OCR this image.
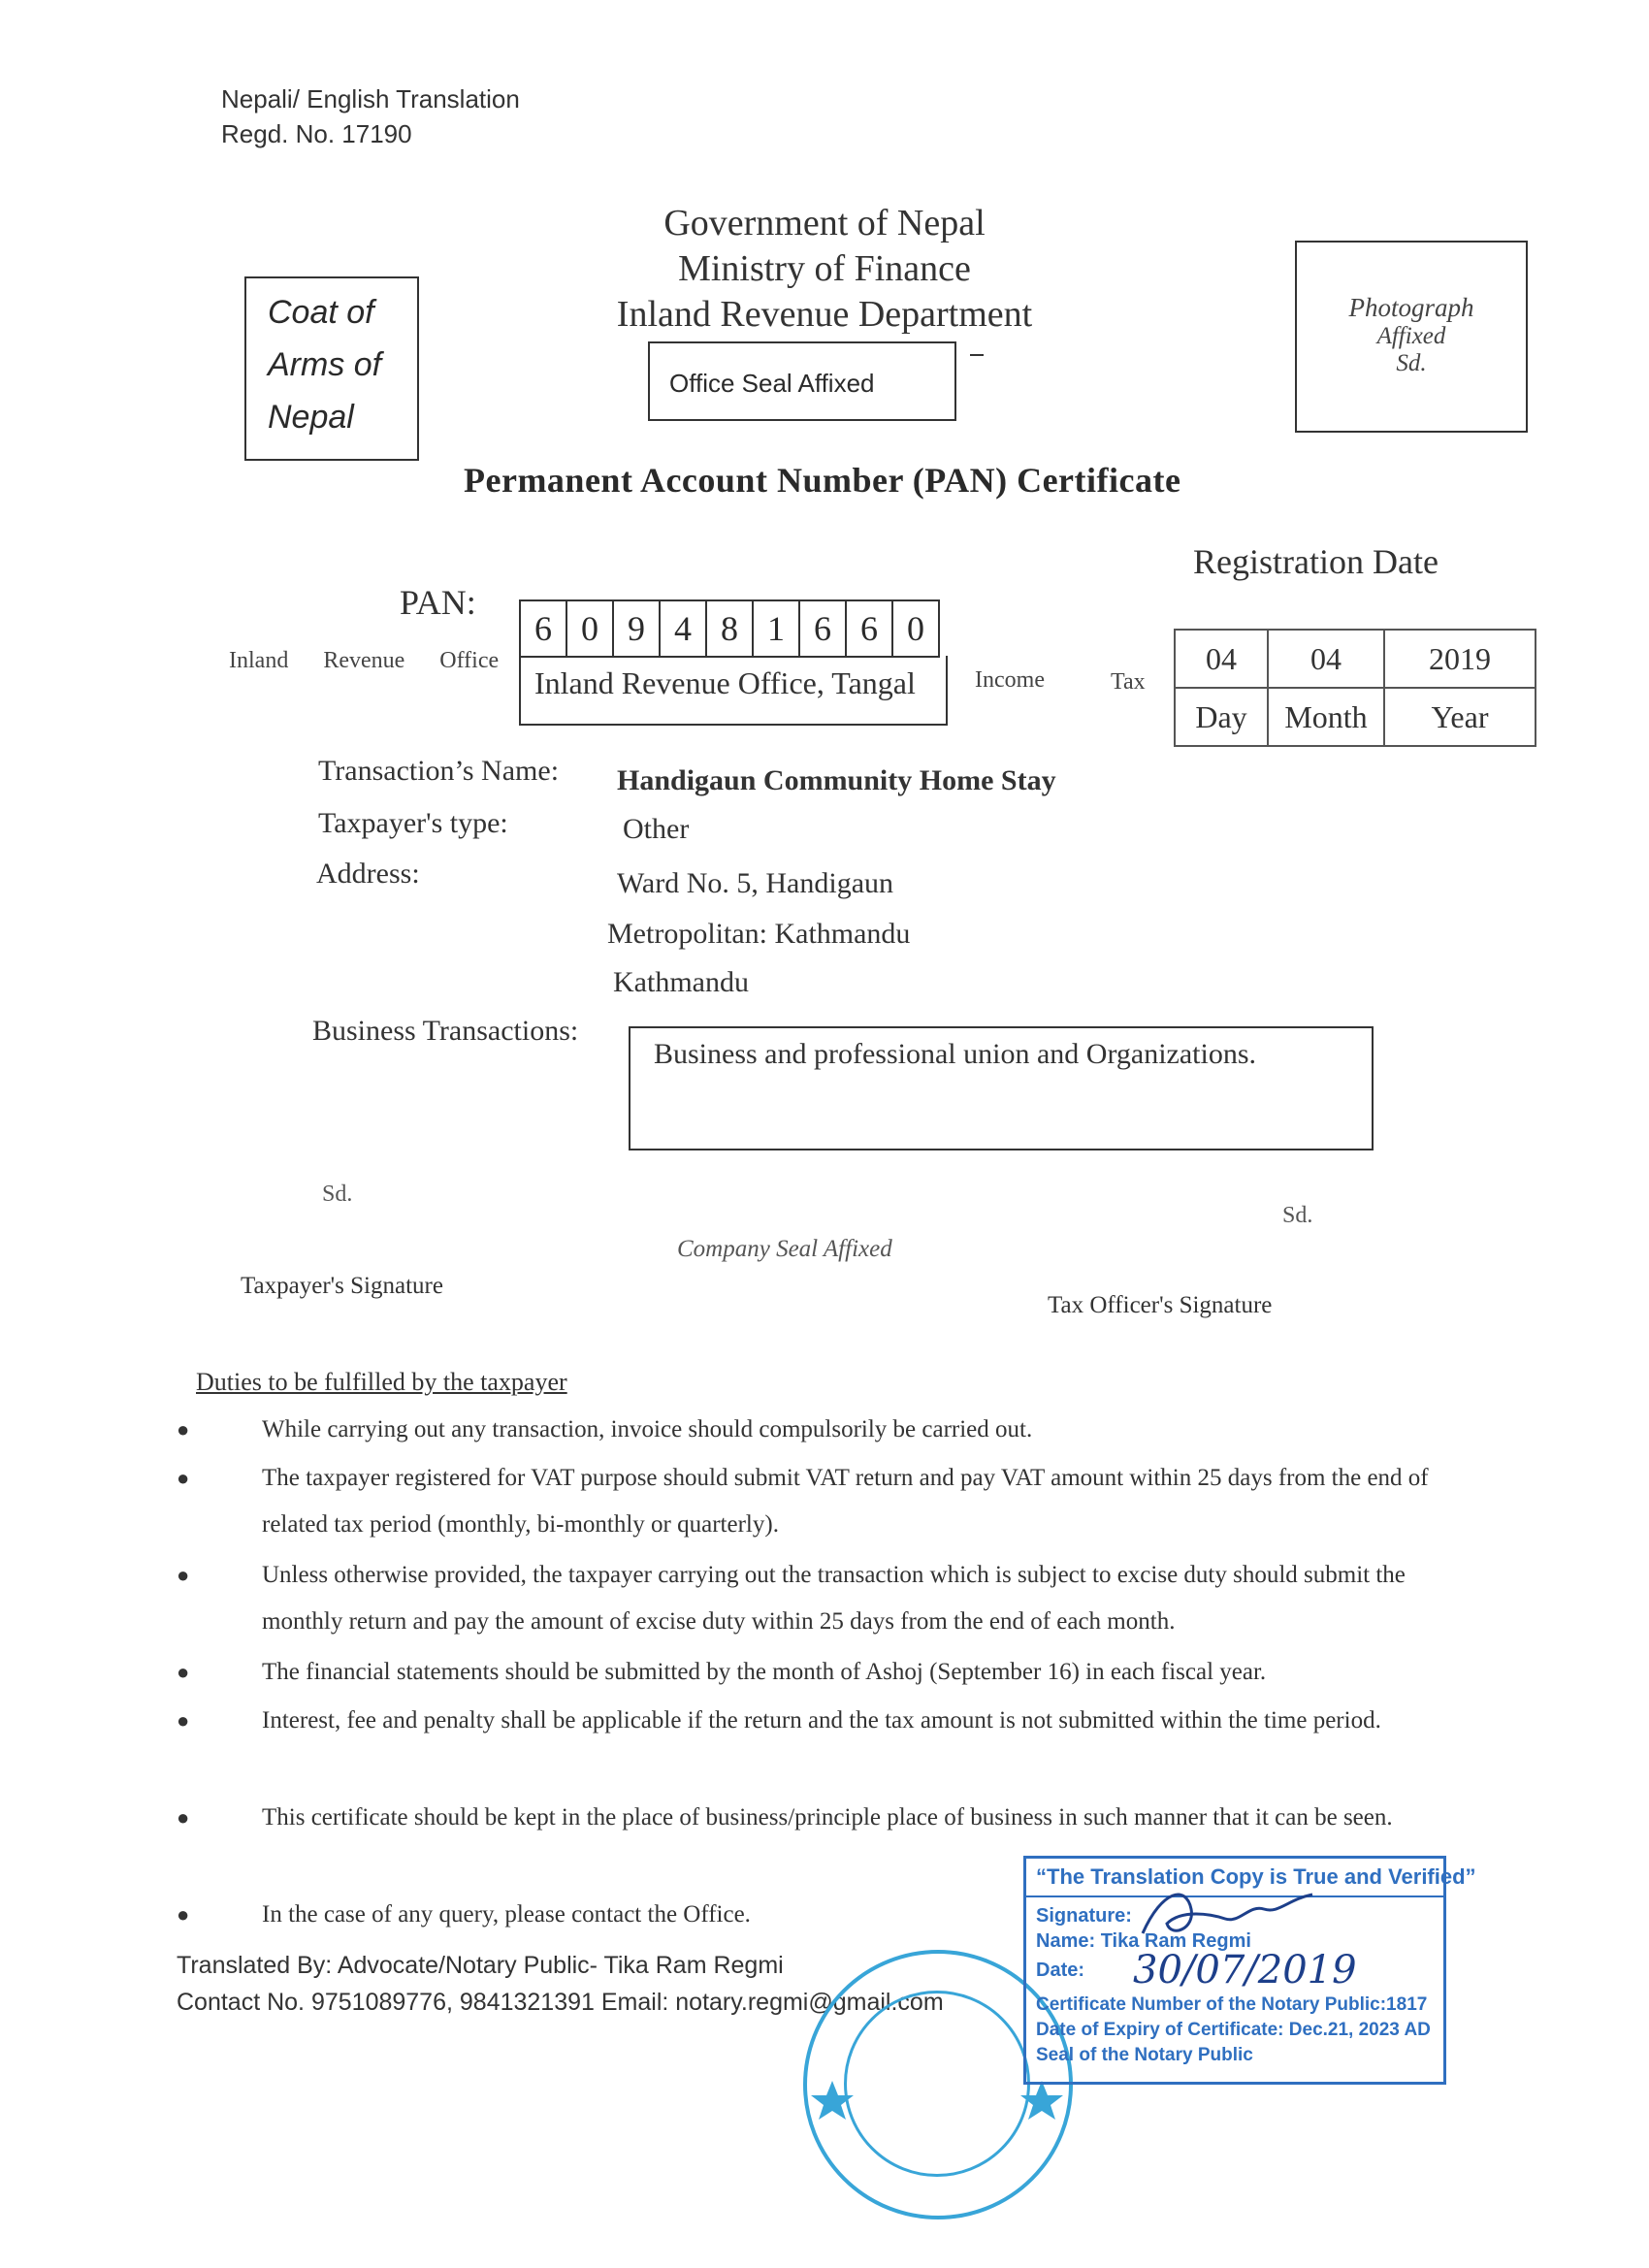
Nepali/ English Translation
Regd. No. 17190
Coat of
Arms of
Nepal
Government of Nepal
Ministry of Finance
Inland Revenue Department
Office Seal Affixed
Photograph
Affixed
Sd.
Permanent Account Number (PAN) Certificate
Registration Date
04	04	2019
Day	Month	Year
PAN:
6 0 9 4 8 1 6 6 0
Inland Revenue Office
Inland Revenue Office, Tangal	Income	Tax
Transaction’s Name: Handigaun Community Home Stay
Taxpayer's type:	Other
Address:	Ward No. 5, Handigaun
Metropolitan: Kathmandu
Kathmandu
Business Transactions:
Business and professional union and Organizations.
Sd.
Taxpayer's Signature
Company Seal Affixed
Sd.
Tax Officer's Signature
Duties to be fulfilled by the taxpayer
●	While carrying out any transaction, invoice should compulsorily be carried out.
●	The taxpayer registered for VAT purpose should submit VAT return and pay VAT amount within 25 days from the end of related tax period (monthly, bi-monthly or quarterly).
●	Unless otherwise provided, the taxpayer carrying out the transaction which is subject to excise duty should submit the monthly return and pay the amount of excise duty within 25 days from the end of each month.
●	The financial statements should be submitted by the month of Ashoj (September 16) in each fiscal year.
●	Interest, fee and penalty shall be applicable if the return and the tax amount is not submitted within the time period.
●	This certificate should be kept in the place of business/principle place of business in such manner that it can be seen.
●	In the case of any query, please contact the Office.
Translated By: Advocate/Notary Public- Tika Ram Regmi
Contact No. 9751089776, 9841321391 Email: notary.regmi@gmail.com
“The Translation Copy is True and Verified”
Signature:
Name: Tika Ram Regmi
Date: 30/07/2019
Certificate Number of the Notary Public:1817
Date of Expiry of Certificate: Dec.21, 2023 AD
Seal of the Notary Public
